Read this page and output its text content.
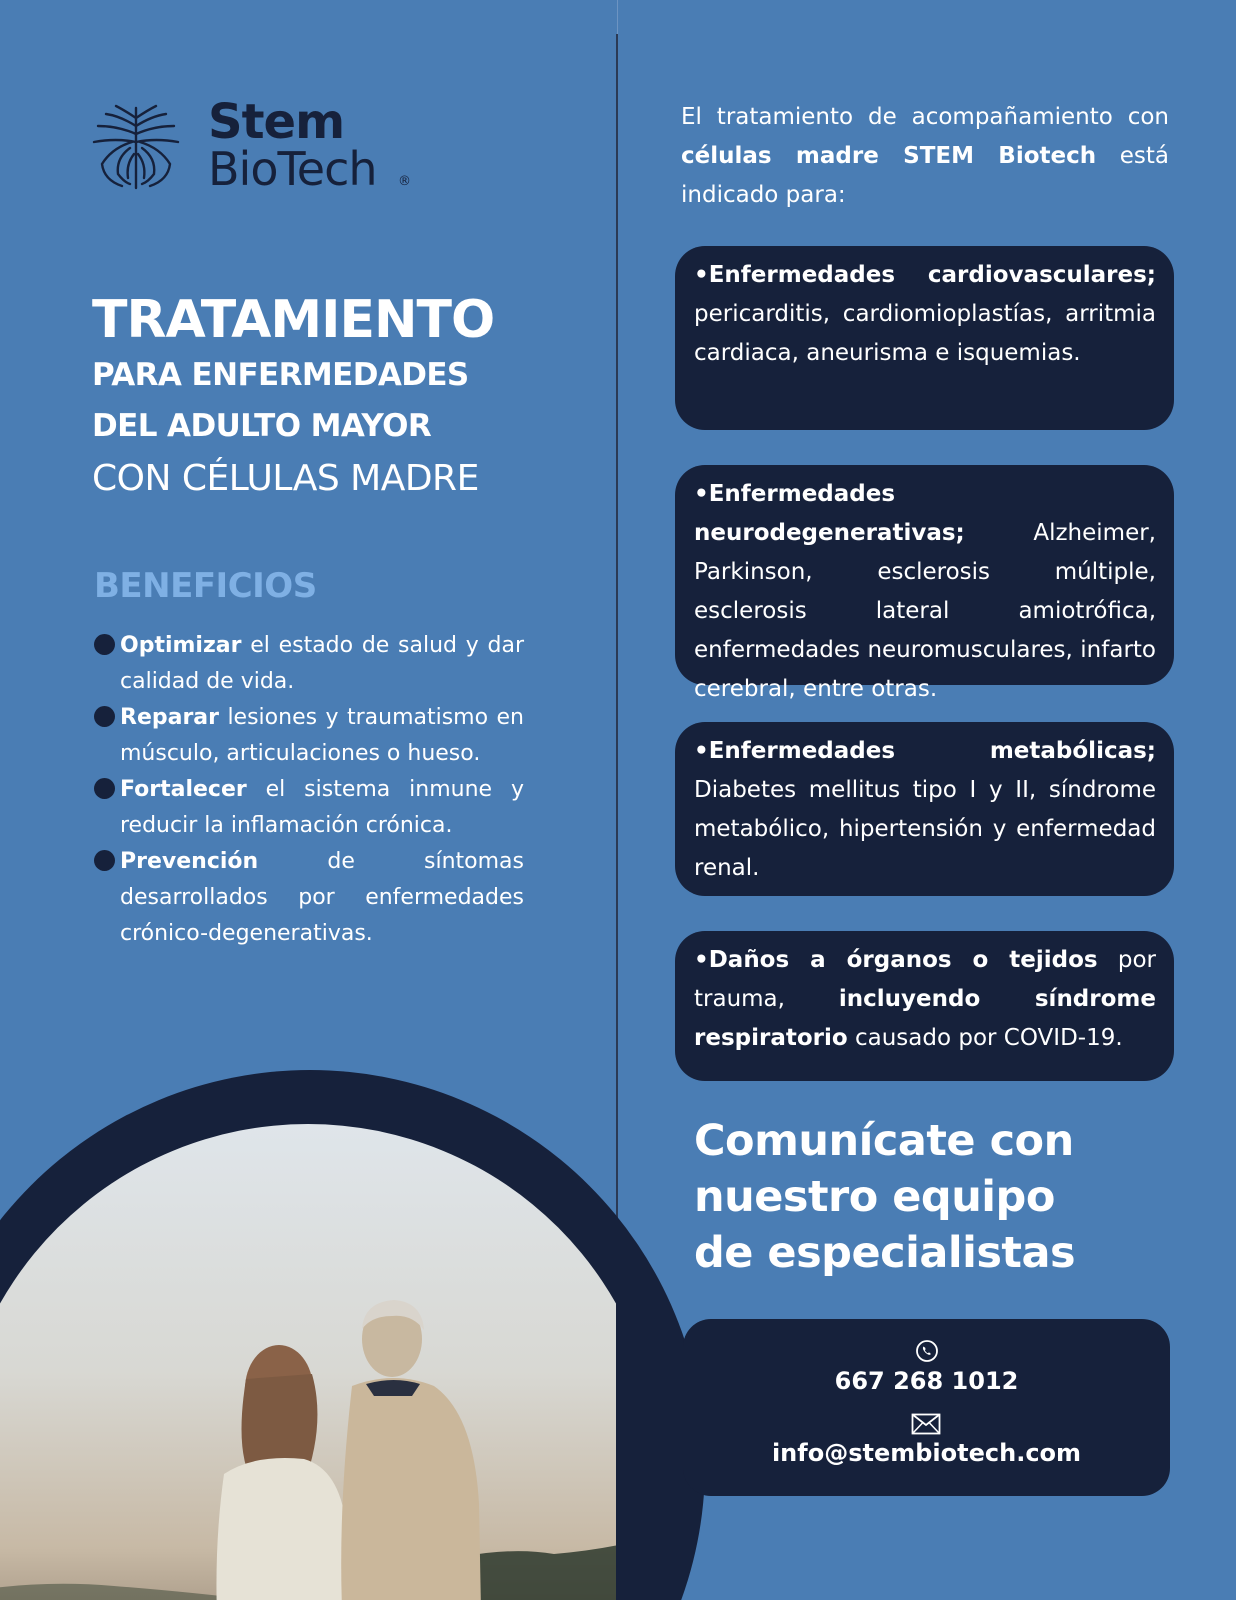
Stem
BioTech ®
TRATAMIENTO
PARA ENFERMEDADES
DEL ADULTO MAYOR
CON CÉLULAS MADRE
BENEFICIOS
Optimizar el estado de salud y dar calidad de vida.
Reparar lesiones y traumatismo en músculo, articulaciones o hueso.
Fortalecer el sistema inmune y reducir la inflamación crónica.
Prevención de síntomas desarrollados por enfermedades crónico-degenerativas.
El tratamiento de acompañamiento con células madre STEM Biotech está indicado para:
•Enfermedades cardiovasculares; pericarditis, cardiomioplastías, arritmia cardiaca, aneurisma e isquemias.
•Enfermedades neurodegenerativas; Alzheimer, Parkinson, esclerosis múltiple, esclerosis lateral amiotrófica, enfermedades neuromusculares, infarto cerebral, entre otras.
•Enfermedades metabólicas; Diabetes mellitus tipo I y II, síndrome metabólico, hipertensión y enfermedad renal.
•Daños a órganos o tejidos por trauma, incluyendo síndrome respiratorio causado por COVID-19.
Comunícate con
nuestro equipo
de especialistas
667 268 1012
info@stembiotech.com
